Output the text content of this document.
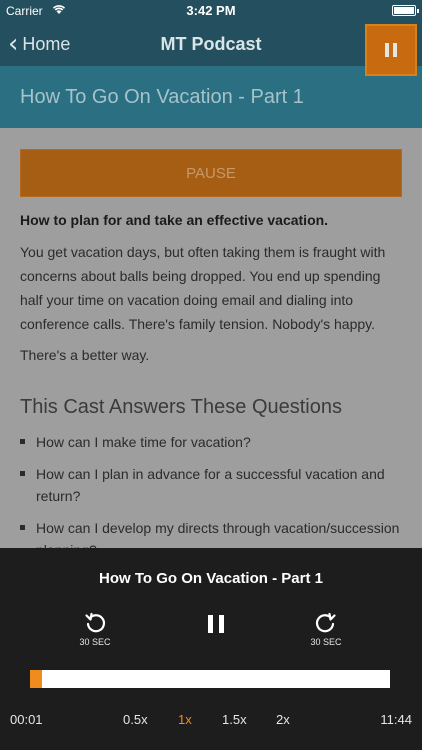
Carrier	3:42 PM
‹ Home	MT Podcast
How To Go On Vacation - Part 1
PAUSE
How to plan for and take an effective vacation.
You get vacation days, but often taking them is fraught with concerns about balls being dropped. You end up spending half your time on vacation doing email and dialing into conference calls. There's family tension. Nobody's happy.
There's a better way.
This Cast Answers These Questions
How can I make time for vacation?
How can I plan in advance for a successful vacation and return?
How can I develop my directs through vacation/succession
How To Go On Vacation - Part 1
30 SEC	30 SEC
00:01	0.5x 1x 1.5x 2x	11:44
